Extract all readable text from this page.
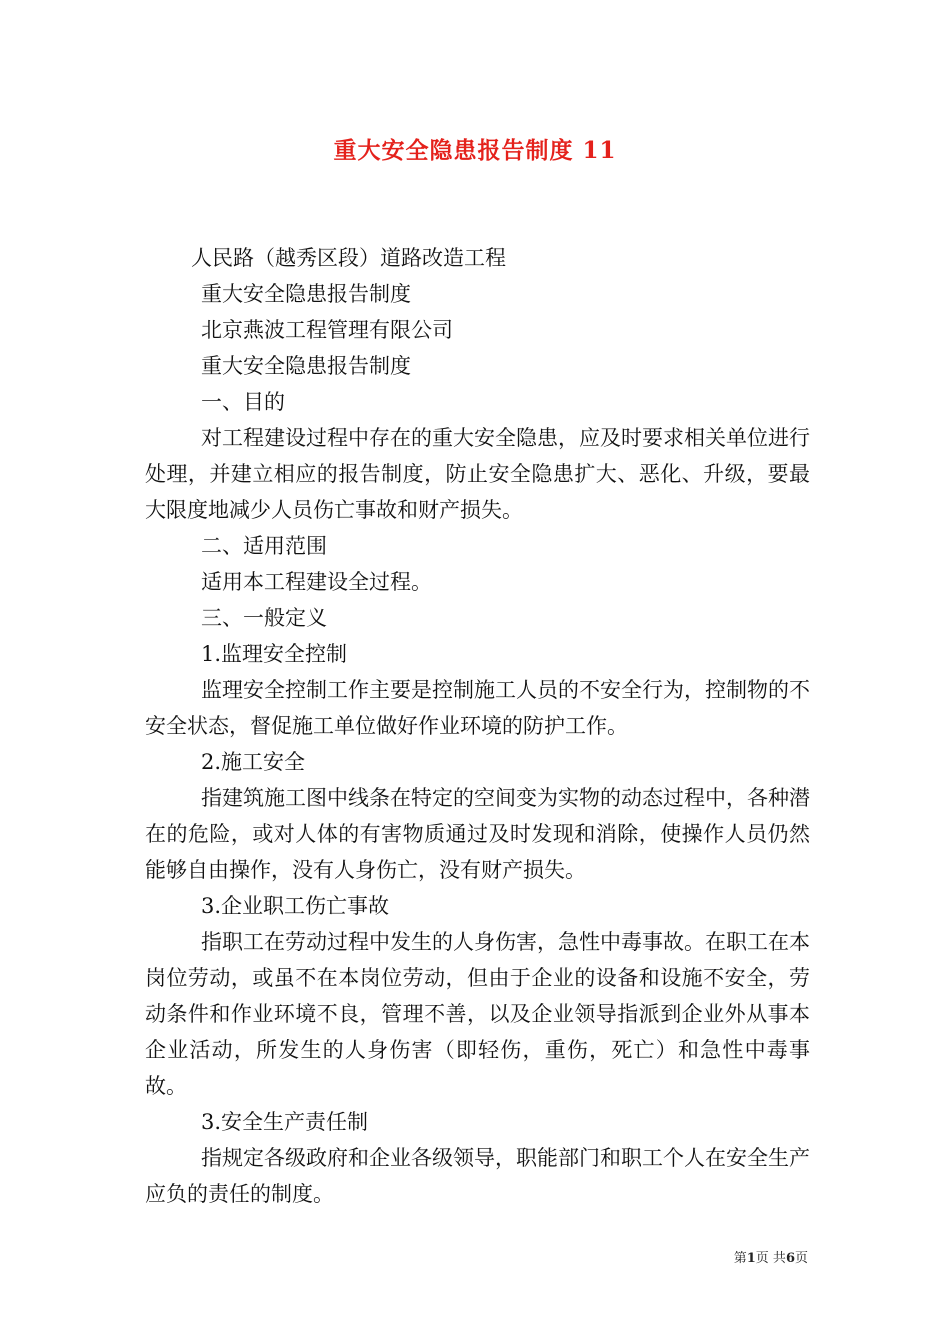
重大安全隐患报告制度 11

人民路（越秀区段）道路改造工程

重大安全隐患报告制度

北京燕波工程管理有限公司

重大安全隐患报告制度

一、目的

对工程建设过程中存在的重大安全隐患，应及时要求相关单位进行处理，并建立相应的报告制度，防止安全隐患扩大、恶化、升级，要最大限度地减少人员伤亡事故和财产损失。

二、适用范围

适用本工程建设全过程。

三、一般定义

1.监理安全控制

监理安全控制工作主要是控制施工人员的不安全行为，控制物的不安全状态，督促施工单位做好作业环境的防护工作。

2.施工安全

指建筑施工图中线条在特定的空间变为实物的动态过程中，各种潜在的危险，或对人体的有害物质通过及时发现和消除，使操作人员仍然能够自由操作，没有人身伤亡，没有财产损失。

3.企业职工伤亡事故

指职工在劳动过程中发生的人身伤害，急性中毒事故。在职工在本岗位劳动，或虽不在本岗位劳动，但由于企业的设备和设施不安全，劳动条件和作业环境不良，管理不善，以及企业领导指派到企业外从事本企业活动，所发生的人身伤害（即轻伤，重伤，死亡）和急性中毒事故。

3.安全生产责任制

指规定各级政府和企业各级领导，职能部门和职工个人在安全生产应负的责任的制度。

第1页 共6页
